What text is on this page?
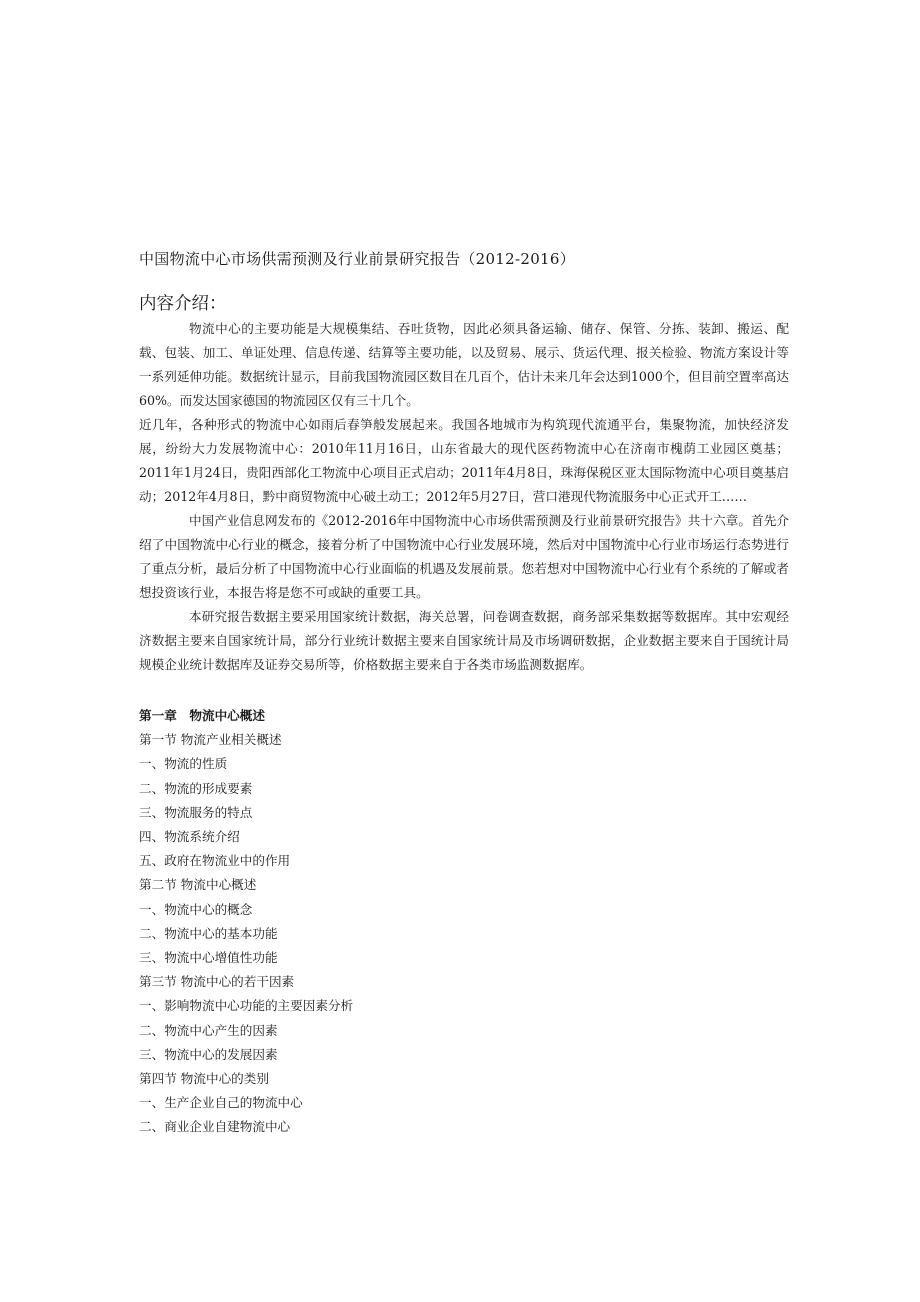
中国物流中心市场供需预测及行业前景研究报告（2012-2016）

内容介绍：

物流中心的主要功能是大规模集结、吞吐货物，因此必须具备运输、储存、保管、分拣、装卸、搬运、配载、包装、加工、单证处理、信息传递、结算等主要功能，以及贸易、展示、货运代理、报关检验、物流方案设计等一系列延伸功能。数据统计显示，目前我国物流园区数目在几百个，估计未来几年会达到1000个，但目前空置率高达60%。而发达国家德国的物流园区仅有三十几个。

近几年，各种形式的物流中心如雨后春笋般发展起来。我国各地城市为构筑现代流通平台，集聚物流，加快经济发展，纷纷大力发展物流中心：2010年11月16日，山东省最大的现代医药物流中心在济南市槐荫工业园区奠基；2011年1月24日，贵阳西部化工物流中心项目正式启动；2011年4月8日，珠海保税区亚太国际物流中心项目奠基启动；2012年4月8日，黔中商贸物流中心破土动工；2012年5月27日，营口港现代物流服务中心正式开工……

中国产业信息网发布的《2012-2016年中国物流中心市场供需预测及行业前景研究报告》共十六章。首先介绍了中国物流中心行业的概念，接着分析了中国物流中心行业发展环境，然后对中国物流中心行业市场运行态势进行了重点分析，最后分析了中国物流中心行业面临的机遇及发展前景。您若想对中国物流中心行业有个系统的了解或者想投资该行业，本报告将是您不可或缺的重要工具。

本研究报告数据主要采用国家统计数据，海关总署，问卷调查数据，商务部采集数据等数据库。其中宏观经济数据主要来自国家统计局，部分行业统计数据主要来自国家统计局及市场调研数据，企业数据主要来自于国统计局规模企业统计数据库及证券交易所等，价格数据主要来自于各类市场监测数据库。

第一章　物流中心概述

第一节 物流产业相关概述

一、物流的性质

二、物流的形成要素

三、物流服务的特点

四、物流系统介绍

五、政府在物流业中的作用

第二节 物流中心概述

一、物流中心的概念

二、物流中心的基本功能

三、物流中心增值性功能

第三节 物流中心的若干因素

一、影响物流中心功能的主要因素分析

二、物流中心产生的因素

三、物流中心的发展因素

第四节 物流中心的类别

一、生产企业自己的物流中心

二、商业企业自建物流中心
